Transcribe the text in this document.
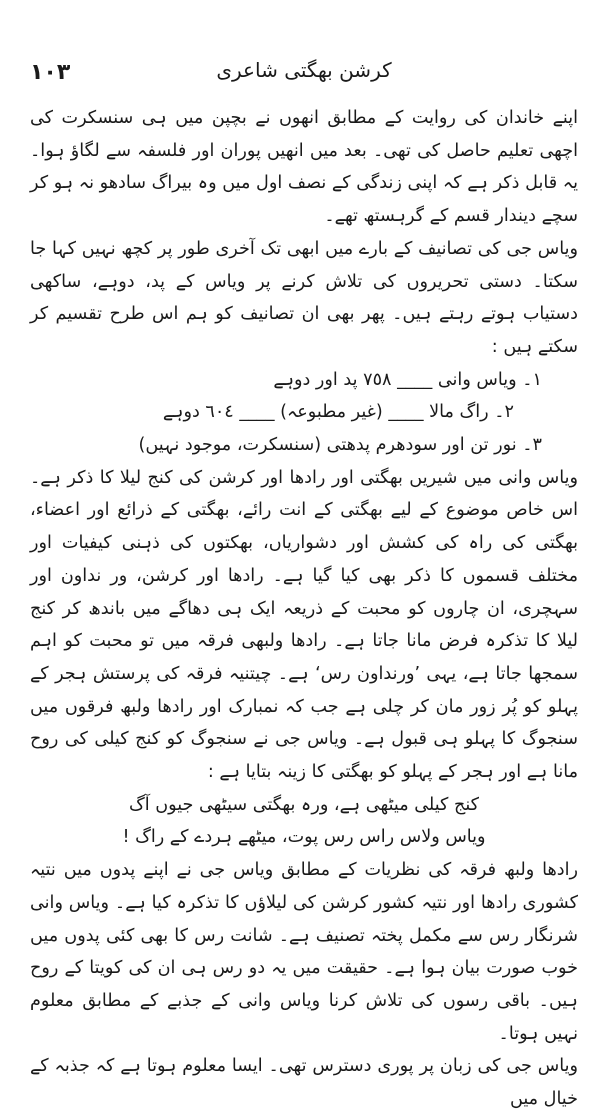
١٠٣	کرشن بھگتی شاعری

اپنے خاندان کی روایت کے مطابق انھوں نے بچپن میں ہی سنسکرت کی اچھی تعلیم حاصل کی تھی۔ بعد میں انھیں پوران اور فلسفہ سے لگاؤ ہوا۔ یہ قابل ذکر ہے کہ اپنی زندگی کے نصف اول میں وہ بیراگ سادھو نہ ہو کر سچے دیندار قسم کے گرہستھ تھے۔

ویاس جی کی تصانیف کے بارے میں ابھی تک آخری طور پر کچھ نہیں کہا جا سکتا۔ دستی تحریروں کی تلاش کرنے پر ویاس کے پد، دوہے، ساکھی دستیاب ہوتے رہتے ہیں۔ پھر بھی ان تصانیف کو ہم اس طرح تقسیم کر سکتے ہیں :

١۔ ویاس وانی ____ ٧٥٨ پد اور دوہے
٢۔ راگ مالا ____ (غیر مطبوعہ) ____ ٦٠٤ دوہے
٣۔ نور تن اور سودھرم پدھتی (سنسکرت، موجود نہیں)

ویاس وانی میں شیریں بھگتی اور رادھا اور کرشن کی کنج لیلا کا ذکر ہے۔ اس خاص موضوع کے لیے بھگتی کے انت رائے، بھگتی کے ذرائع اور اعضاء، بھگتی کی راہ کی کشش اور دشواریاں، بھکتوں کی ذہنی کیفیات اور مختلف قسموں کا ذکر بھی کیا گیا ہے۔ رادھا اور کرشن، ور نداون اور سہچری، ان چاروں کو محبت کے ذریعہ ایک ہی دھاگے میں باندھ کر کنج لیلا کا تذکرہ فرض مانا جاتا ہے۔ رادھا ولبھی فرقہ میں تو محبت کو اہم سمجھا جاتا ہے، یہی ’ورنداون رس‘ ہے۔ چیتنیہ فرقہ کی پرستش ہجر کے پہلو کو پُر زور مان کر چلی ہے جب کہ نمبارک اور رادھا ولبھ فرقوں میں سنجوگ کا پہلو ہی قبول ہے۔ ویاس جی نے سنجوگ کو کنج کیلی کی روح مانا ہے اور ہجر کے پہلو کو بھگتی کا زینہ بتایا ہے :

کنج کیلی میٹھی ہے، ورہ بھگتی سیٹھی جیوں آگ

ویاس ولاس راس رس پوت، میٹھے ہردے کے راگ !

رادھا ولبھ فرقہ کی نظریات کے مطابق ویاس جی نے اپنے پدوں میں نتیہ کشوری رادھا اور نتیہ کشور کرشن کی لیلاؤں کا تذکرہ کیا ہے۔ ویاس وانی شرنگار رس سے مکمل پختہ تصنیف ہے۔ شانت رس کا بھی کئی پدوں میں خوب صورت بیان ہوا ہے۔ حقیقت میں یہ دو رس ہی ان کی کویتا کے روح ہیں۔ باقی رسوں کی تلاش کرنا ویاس وانی کے جذبے کے مطابق معلوم نہیں ہوتا۔

ویاس جی کی زبان پر پوری دسترس تھی۔ ایسا معلوم ہوتا ہے کہ جذبہ کے خیال میں
